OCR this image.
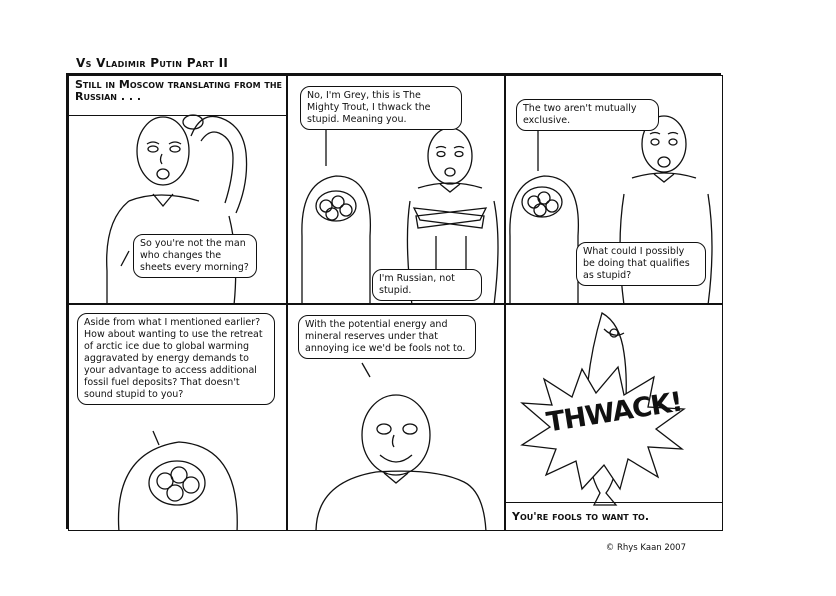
Vs Vladimir Putin Part II
Still in Moscow translating from the Russian . . .
So you're not the man who changes the sheets every morning?
No, I'm Grey, this is The Mighty Trout, I thwack the stupid. Meaning you.
I'm Russian, not stupid.
The two aren't mutually exclusive.
What could I possibly be doing that qualifies as stupid?
Aside from what I mentioned earlier? How about wanting to use the retreat of arctic ice due to global warming aggravated by energy demands to your advantage to access additional fossil fuel deposits? That doesn't sound stupid to you?
With the potential energy and mineral reserves under that annoying ice we'd be fools not to.
THWACK!
You're fools to want to.
© Rhys Kaan 2007
